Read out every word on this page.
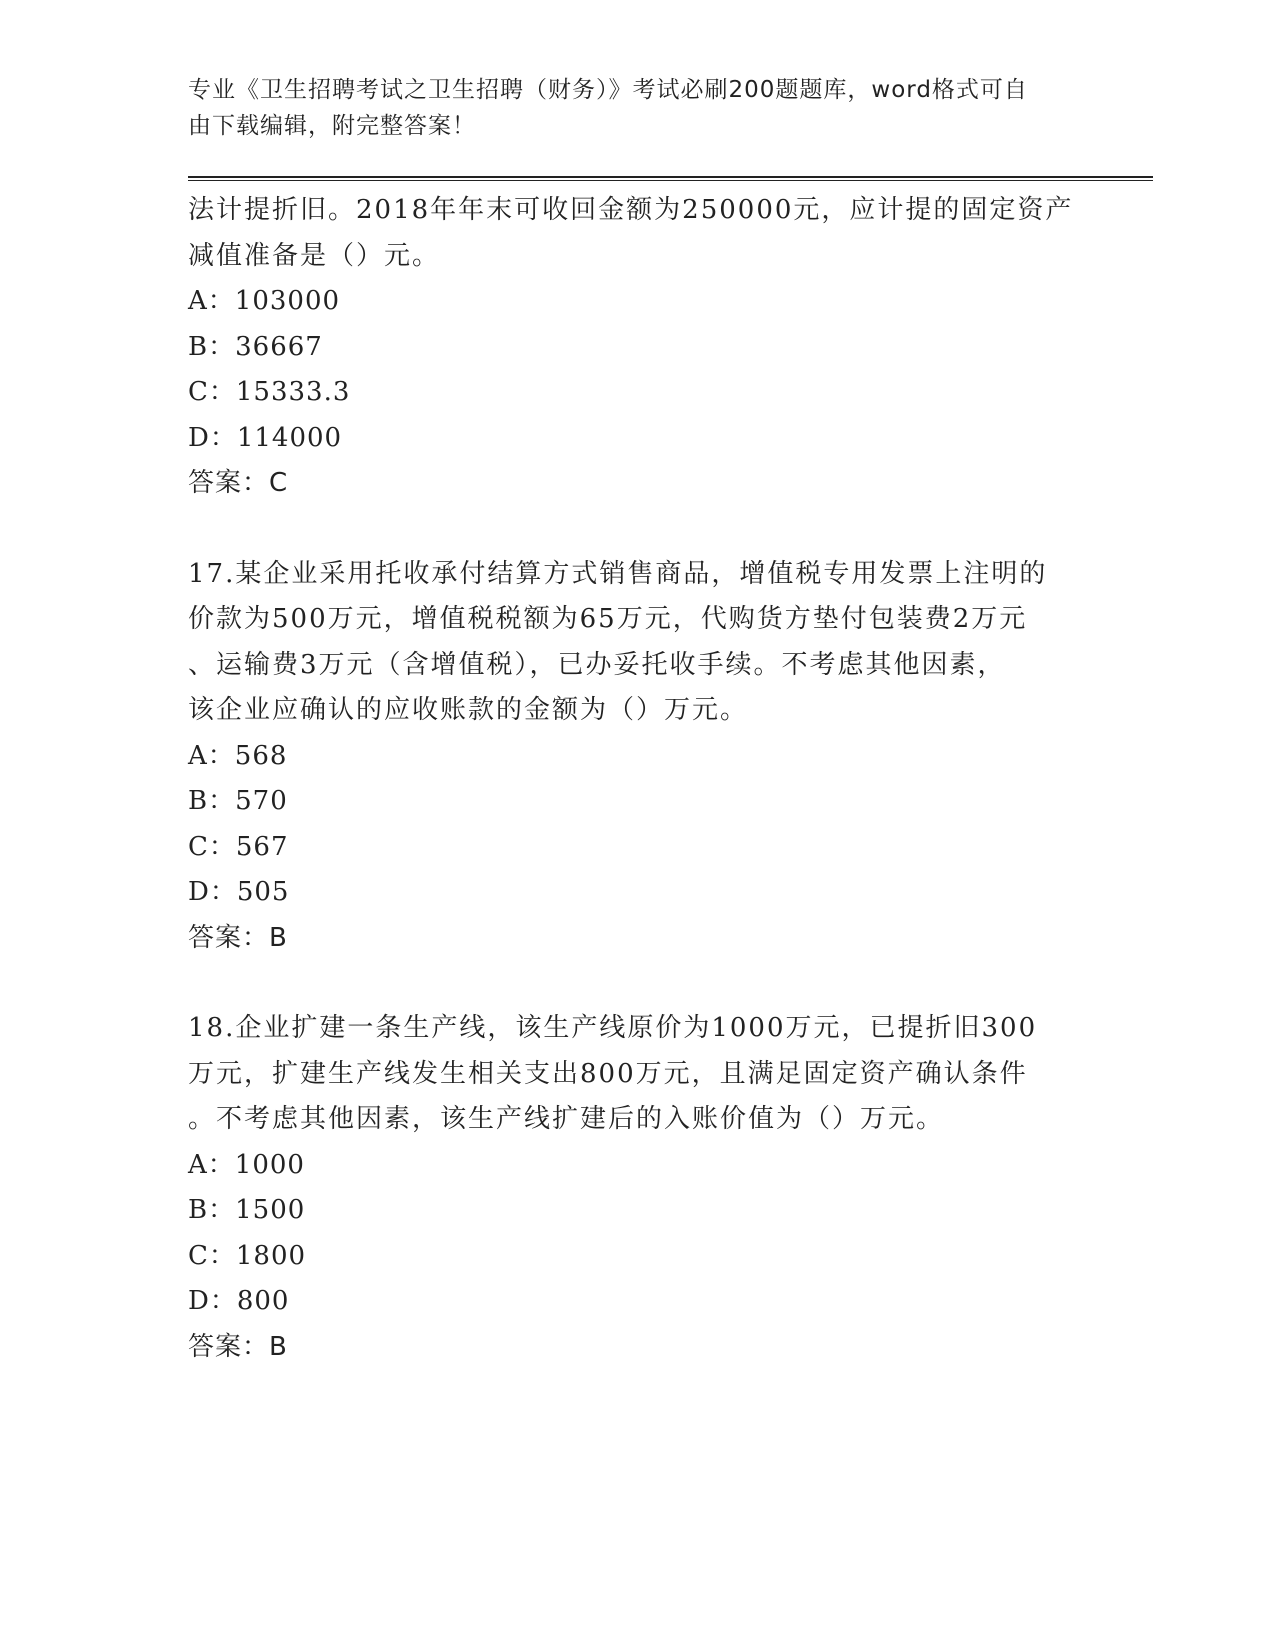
专业《卫生招聘考试之卫生招聘（财务）》考试必刷200题题库，word格式可自
由下载编辑，附完整答案！
法计提折旧。2018年年末可收回金额为250000元，应计提的固定资产
减值准备是（）元。
A：103000
B：36667
C：15333.3
D：114000
答案：C
17.某企业采用托收承付结算方式销售商品，增值税专用发票上注明的
价款为500万元，增值税税额为65万元，代购货方垫付包装费2万元
、运输费3万元（含增值税），已办妥托收手续。不考虑其他因素，
该企业应确认的应收账款的金额为（）万元。
A：568
B：570
C：567
D：505
答案：B
18.企业扩建一条生产线，该生产线原价为1000万元，已提折旧300
万元，扩建生产线发生相关支出800万元，且满足固定资产确认条件
。不考虑其他因素，该生产线扩建后的入账价值为（）万元。
A：1000
B：1500
C：1800
D：800
答案：B
